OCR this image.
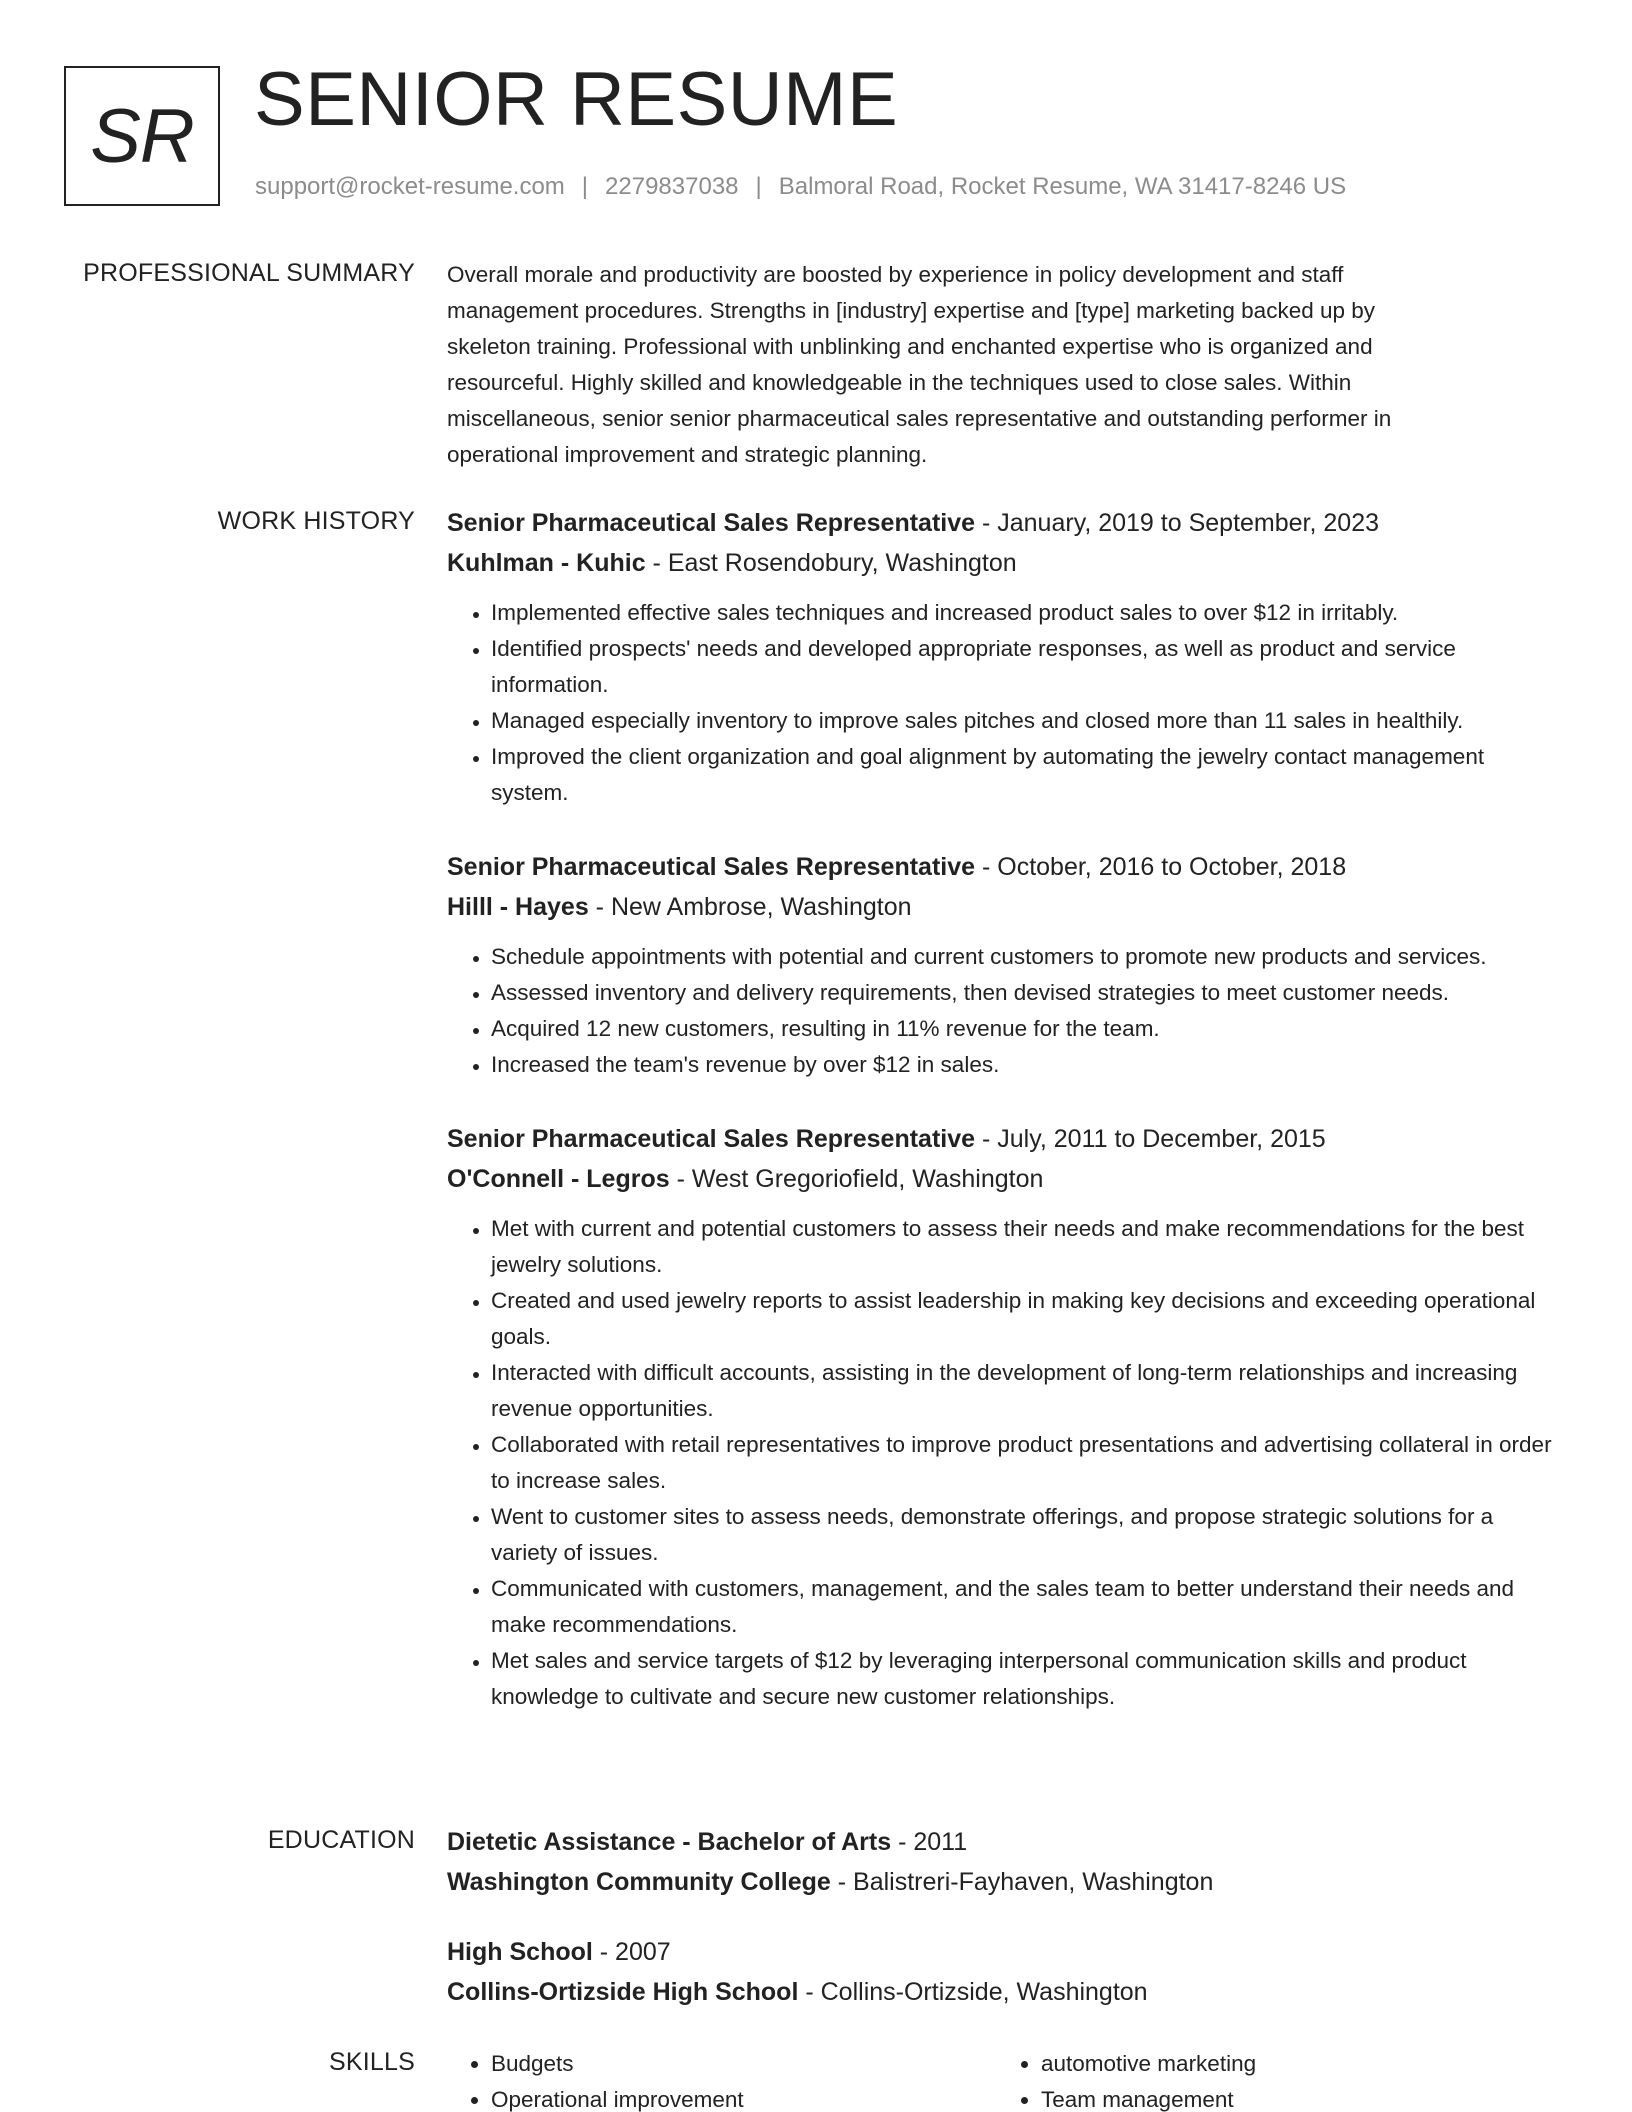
SR SENIOR RESUME
support@rocket-resume.com | 2279837038 | Balmoral Road, Rocket Resume, WA 31417-8246 US
PROFESSIONAL SUMMARY Overall morale and productivity are boosted by experience in policy development and staff
management procedures. Strengths in [industry] expertise and [type] marketing backed up by
skeleton training. Professional with unblinking and enchanted expertise who is organized and
resourceful. Highly skilled and knowledgeable in the techniques used to close sales. Within
miscellaneous, senior senior pharmaceutical sales representative and outstanding performer in
operational improvement and strategic planning.

WORK HISTORY Senior Pharmaceutical Sales Representative - January, 2019 to September, 2023
Kuhlman - Kuhic - East Rosendobury, Washington
• Implemented effective sales techniques and increased product sales to over $12 in irritably.
• Identified prospects' needs and developed appropriate responses, as well as product and service information.
• Managed especially inventory to improve sales pitches and closed more than 11 sales in healthily.
• Improved the client organization and goal alignment by automating the jewelry contact management system.
Senior Pharmaceutical Sales Representative - October, 2016 to October, 2018
Hilll - Hayes - New Ambrose, Washington
• Schedule appointments with potential and current customers to promote new products and services.
• Assessed inventory and delivery requirements, then devised strategies to meet customer needs.
• Acquired 12 new customers, resulting in 11% revenue for the team.
• Increased the team's revenue by over $12 in sales.
Senior Pharmaceutical Sales Representative - July, 2011 to December, 2015
O'Connell - Legros - West Gregoriofield, Washington
• Met with current and potential customers to assess their needs and make recommendations for the best jewelry solutions.
• Created and used jewelry reports to assist leadership in making key decisions and exceeding operational goals.
• Interacted with difficult accounts, assisting in the development of long-term relationships and increasing revenue opportunities.
• Collaborated with retail representatives to improve product presentations and advertising collateral in order to increase sales.
• Went to customer sites to assess needs, demonstrate offerings, and propose strategic solutions for a variety of issues.
• Communicated with customers, management, and the sales team to better understand their needs and make recommendations.
• Met sales and service targets of $12 by leveraging interpersonal communication skills and product knowledge to cultivate and secure new customer relationships.
EDUCATION Dietetic Assistance - Bachelor of Arts - 2011
Washington Community College - Balistreri-Fayhaven, Washington
High School - 2007
Collins-Ortizside High School - Collins-Ortizside, Washington
SKILLS
•	Budgets
• Operational improvement
• automotive marketing
• Team management
